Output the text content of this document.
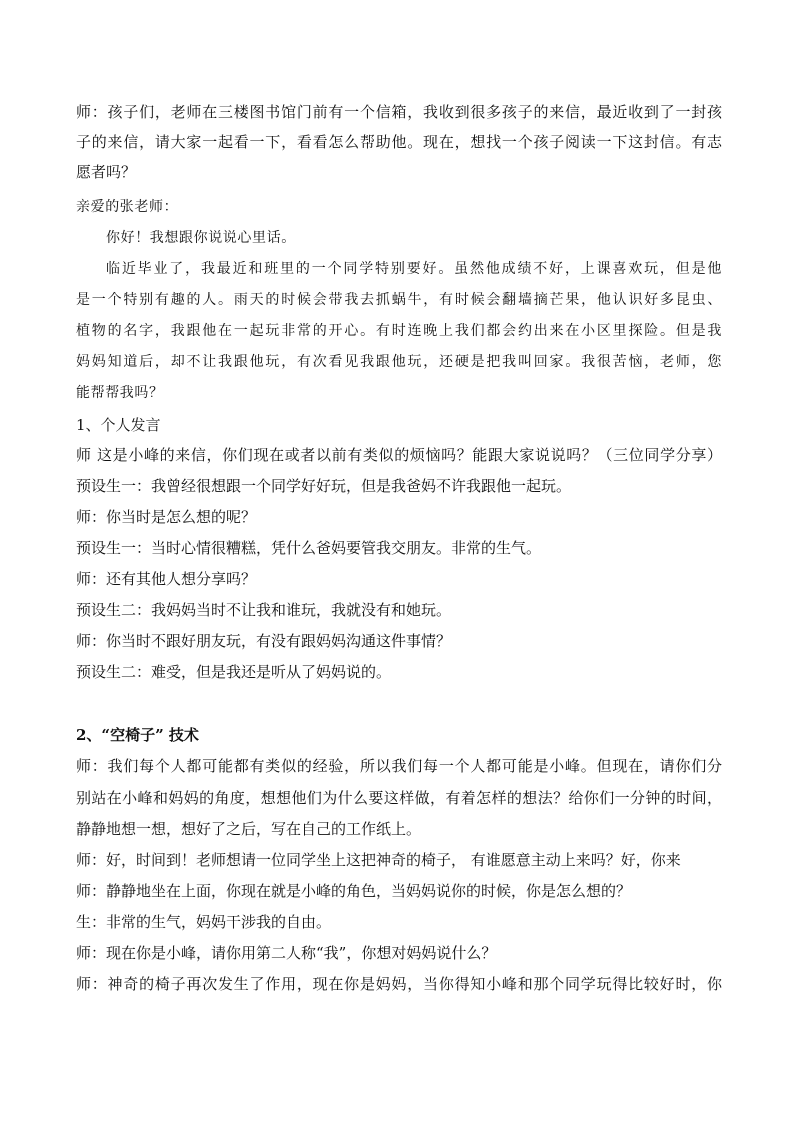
师：孩子们，老师在三楼图书馆门前有一个信箱，我收到很多孩子的来信，最近收到了一封孩
子的来信，请大家一起看一下，看看怎么帮助他。现在，想找一个孩子阅读一下这封信。有志
愿者吗？
亲爱的张老师：
你好！我想跟你说说心里话。
临近毕业了，我最近和班里的一个同学特别要好。虽然他成绩不好，上课喜欢玩，但是他
是一个特别有趣的人。雨天的时候会带我去抓蜗牛，有时候会翻墙摘芒果，他认识好多昆虫、
植物的名字，我跟他在一起玩非常的开心。有时连晚上我们都会约出来在小区里探险。但是我
妈妈知道后，却不让我跟他玩，有次看见我跟他玩，还硬是把我叫回家。我很苦恼，老师，您
能帮帮我吗？
1、个人发言
师 这是小峰的来信，你们现在或者以前有类似的烦恼吗？能跟大家说说吗？（三位同学分享）
预设生一：我曾经很想跟一个同学好好玩，但是我爸妈不许我跟他一起玩。
师：你当时是怎么想的呢？
预设生一：当时心情很糟糕，凭什么爸妈要管我交朋友。非常的生气。
师：还有其他人想分享吗？
预设生二：我妈妈当时不让我和谁玩，我就没有和她玩。
师：你当时不跟好朋友玩，有没有跟妈妈沟通这件事情？
预设生二：难受，但是我还是听从了妈妈说的。
2、“空椅子” 技术
师：我们每个人都可能都有类似的经验，所以我们每一个人都可能是小峰。但现在，请你们分
别站在小峰和妈妈的角度，想想他们为什么要这样做，有着怎样的想法？给你们一分钟的时间，
静静地想一想，想好了之后，写在自己的工作纸上。
师：好，时间到！老师想请一位同学坐上这把神奇的椅子， 有谁愿意主动上来吗？好，你来
师：静静地坐在上面，你现在就是小峰的角色，当妈妈说你的时候，你是怎么想的？
生：非常的生气，妈妈干涉我的自由。
师：现在你是小峰，请你用第二人称“我”，你想对妈妈说什么？
师：神奇的椅子再次发生了作用，现在你是妈妈，当你得知小峰和那个同学玩得比较好时，你
